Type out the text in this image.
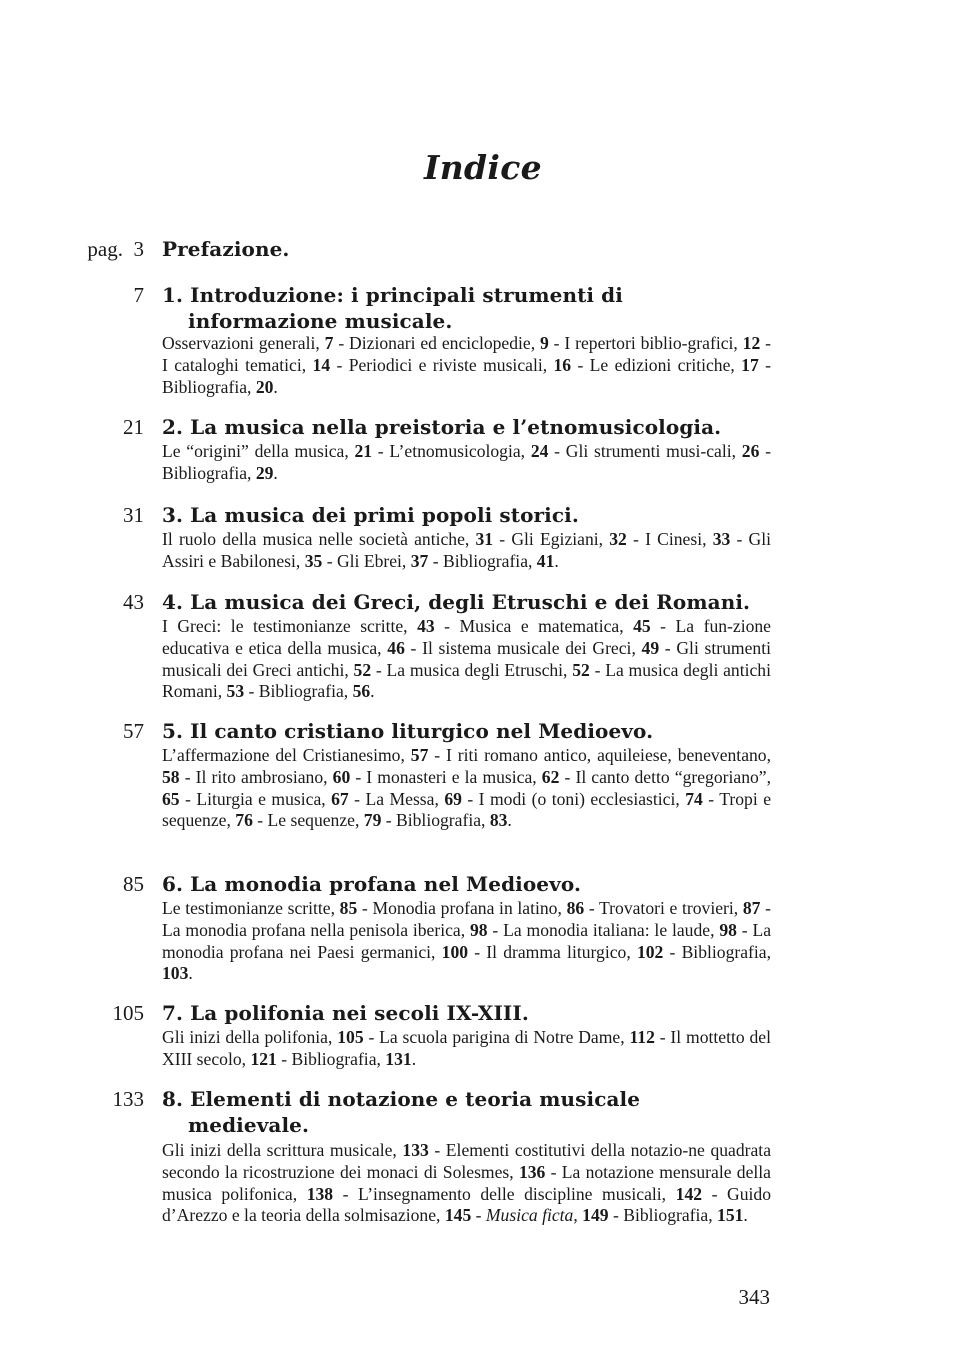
Indice
pag. 3 Prefazione.
7 1. Introduzione: i principali strumenti di
informazione musicale.

Osservazioni generali, 7 - Dizionari ed enciclopedie, 9 - I repertori biblio-grafici, 12 - I cataloghi tematici, 14 - Periodici e riviste musicali, 16 - Le edizioni critiche, 17 - Bibliografia, 20.

21 2. La musica nella preistoria e l’etnomusicologia.

Le “origini” della musica, 21 - L’etnomusicologia, 24 - Gli strumenti musi-cali, 26 - Bibliografia, 29.

31 3. La musica dei primi popoli storici.

Il ruolo della musica nelle società antiche, 31 - Gli Egiziani, 32 - I Cinesi, 33 - Gli Assiri e Babilonesi, 35 - Gli Ebrei, 37 - Bibliografia, 41.

43 4. La musica dei Greci, degli Etruschi e dei Romani.

I Greci: le testimonianze scritte, 43 - Musica e matematica, 45 - La fun-zione educativa e etica della musica, 46 - Il sistema musicale dei Greci, 49 - Gli strumenti musicali dei Greci antichi, 52 - La musica degli Etruschi, 52 - La musica degli antichi Romani, 53 - Bibliografia, 56.

57 5. Il canto cristiano liturgico nel Medioevo.

L’affermazione del Cristianesimo, 57 - I riti romano antico, aquileiese, beneventano, 58 - Il rito ambrosiano, 60 - I monasteri e la musica, 62 - Il canto detto “gregoriano”, 65 - Liturgia e musica, 67 - La Messa, 69 - I modi (o toni) ecclesiastici, 74 - Tropi e sequenze, 76 - Le sequenze, 79 - Bibliografia, 83.

85 6. La monodia profana nel Medioevo.

Le testimonianze scritte, 85 - Monodia profana in latino, 86 - Trovatori e trovieri, 87 - La monodia profana nella penisola iberica, 98 - La monodia italiana: le laude, 98 - La monodia profana nei Paesi germanici, 100 - Il dramma liturgico, 102 - Bibliografia, 103.

105 7. La polifonia nei secoli IX-XIII.

Gli inizi della polifonia, 105 - La scuola parigina di Notre Dame, 112 - Il mottetto del XIII secolo, 121 - Bibliografia, 131.

133 8. Elementi di notazione e teoria musicale
medievale.

Gli inizi della scrittura musicale, 133 - Elementi costitutivi della notazio-ne quadrata secondo la ricostruzione dei monaci di Solesmes, 136 - La notazione mensurale della musica polifonica, 138 - L’insegnamento delle discipline musicali, 142 - Guido d’Arezzo e la teoria della solmisazione, 145 - Musica ficta, 149 - Bibliografia, 151.

343
